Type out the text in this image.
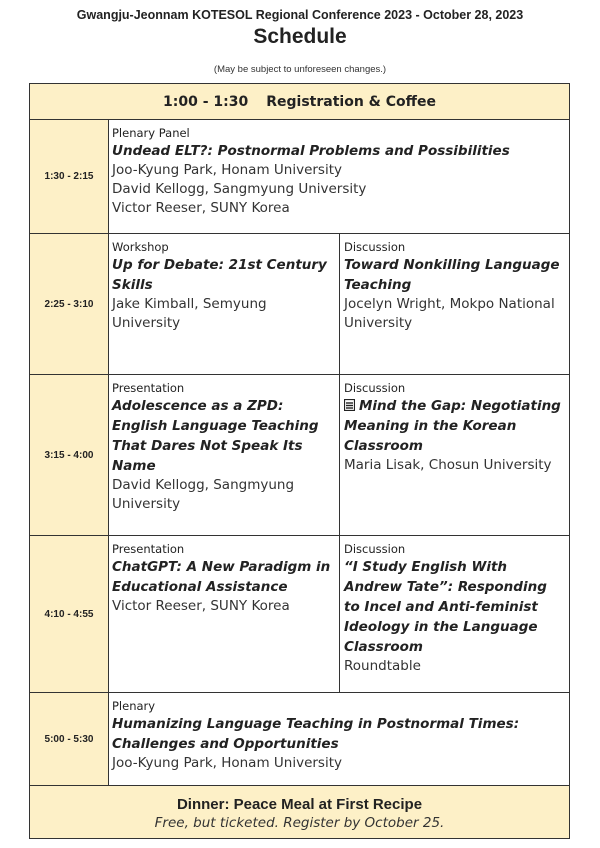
Gwangju-Jeonnam KOTESOL Regional Conference 2023 - October 28, 2023
Schedule
(May be subject to unforeseen changes.)
1:00 - 1:30 Registration & Coffee
1:30 - 2:15
Plenary Panel
Undead ELT?: Postnormal Problems and Possibilities
Joo-Kyung Park, Honam University
David Kellogg, Sangmyung University
Victor Reeser, SUNY Korea
2:25 - 3:10
Workshop
Up for Debate: 21st Century
Skills
Jake Kimball, Semyung
University
Discussion
Toward Nonkilling Language
Teaching
Jocelyn Wright, Mokpo National
University
3:15 - 4:00
Presentation
Adolescence as a ZPD:
English Language Teaching
That Dares Not Speak Its
Name
David Kellogg, Sangmyung
University
Discussion
Mind the Gap: Negotiating
Meaning in the Korean
Classroom
Maria Lisak, Chosun University
4:10 - 4:55
Presentation
ChatGPT: A New Paradigm in
Educational Assistance
Victor Reeser, SUNY Korea
Discussion
“I Study English With
Andrew Tate”: Responding
to Incel and Anti-feminist
Ideology in the Language
Classroom
Roundtable
5:00 - 5:30
Plenary
Humanizing Language Teaching in Postnormal Times:
Challenges and Opportunities
Joo-Kyung Park, Honam University
Dinner: Peace Meal at First Recipe
Free, but ticketed. Register by October 25.
